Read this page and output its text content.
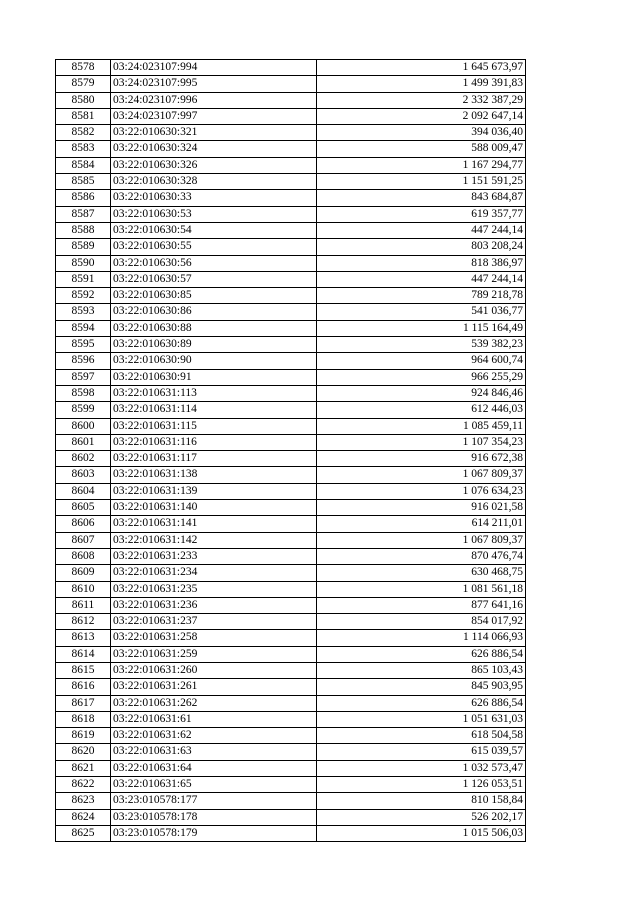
8578	03:24:023107:994	1 645 673,97
8579	03:24:023107:995	1 499 391,83
8580	03:24:023107:996	2 332 387,29
8581	03:24:023107:997	2 092 647,14
8582	03:22:010630:321	394 036,40
8583	03:22:010630:324	588 009,47
8584	03:22:010630:326	1 167 294,77
8585	03:22:010630:328	1 151 591,25
8586	03:22:010630:33	843 684,87
8587	03:22:010630:53	619 357,77
8588	03:22:010630:54	447 244,14
8589	03:22:010630:55	803 208,24
8590	03:22:010630:56	818 386,97
8591	03:22:010630:57	447 244,14
8592	03:22:010630:85	789 218,78
8593	03:22:010630:86	541 036,77
8594	03:22:010630:88	1 115 164,49
8595	03:22:010630:89	539 382,23
8596	03:22:010630:90	964 600,74
8597	03:22:010630:91	966 255,29
8598	03:22:010631:113	924 846,46
8599	03:22:010631:114	612 446,03
8600	03:22:010631:115	1 085 459,11
8601	03:22:010631:116	1 107 354,23
8602	03:22:010631:117	916 672,38
8603	03:22:010631:138	1 067 809,37
8604	03:22:010631:139	1 076 634,23
8605	03:22:010631:140	916 021,58
8606	03:22:010631:141	614 211,01
8607	03:22:010631:142	1 067 809,37
8608	03:22:010631:233	870 476,74
8609	03:22:010631:234	630 468,75
8610	03:22:010631:235	1 081 561,18
8611	03:22:010631:236	877 641,16
8612	03:22:010631:237	854 017,92
8613	03:22:010631:258	1 114 066,93
8614	03:22:010631:259	626 886,54
8615	03:22:010631:260	865 103,43
8616	03:22:010631:261	845 903,95
8617	03:22:010631:262	626 886,54
8618	03:22:010631:61	1 051 631,03
8619	03:22:010631:62	618 504,58
8620	03:22:010631:63	615 039,57
8621	03:22:010631:64	1 032 573,47
8622	03:22:010631:65	1 126 053,51
8623	03:23:010578:177	810 158,84
8624	03:23:010578:178	526 202,17
8625	03:23:010578:179	1 015 506,03
